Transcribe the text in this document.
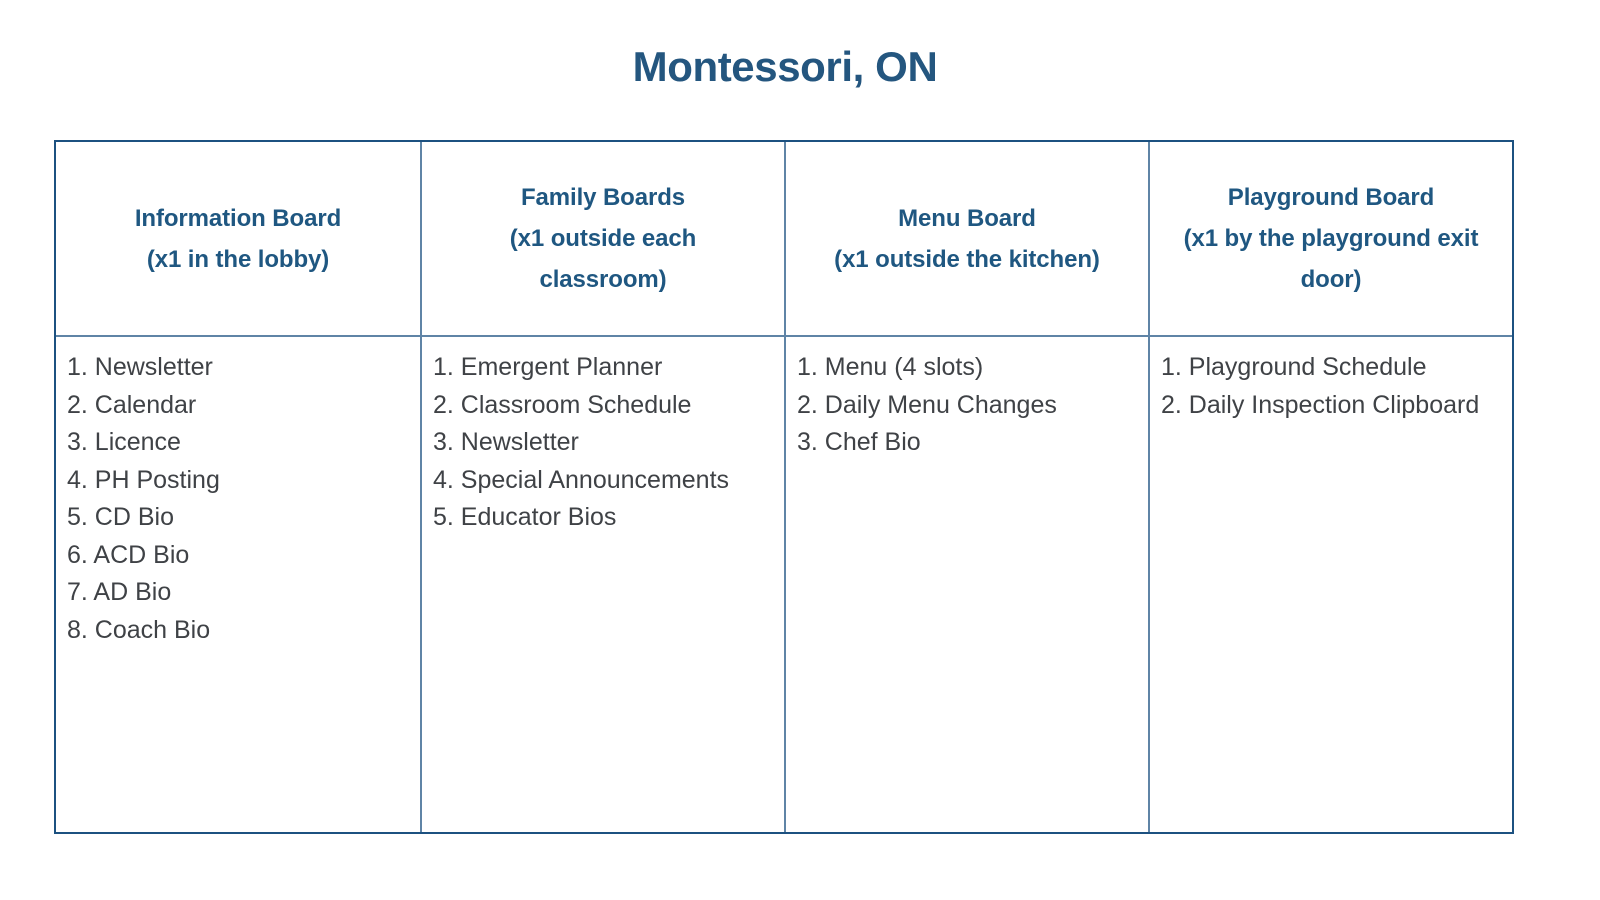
Montessori, ON
Information Board
(x1 in the lobby)
Family Boards
(x1 outside each
classroom)
Menu Board
(x1 outside the kitchen)
Playground Board
(x1 by the playground exit
door)
1. Newsletter
2. Calendar
3. Licence
4. PH Posting
5. CD Bio
6. ACD Bio
7. AD Bio
8. Coach Bio
1. Emergent Planner
2. Classroom Schedule
3. Newsletter
4. Special Announcements
5. Educator Bios
1. Menu (4 slots)
2. Daily Menu Changes
3. Chef Bio
1. Playground Schedule
2. Daily Inspection Clipboard
